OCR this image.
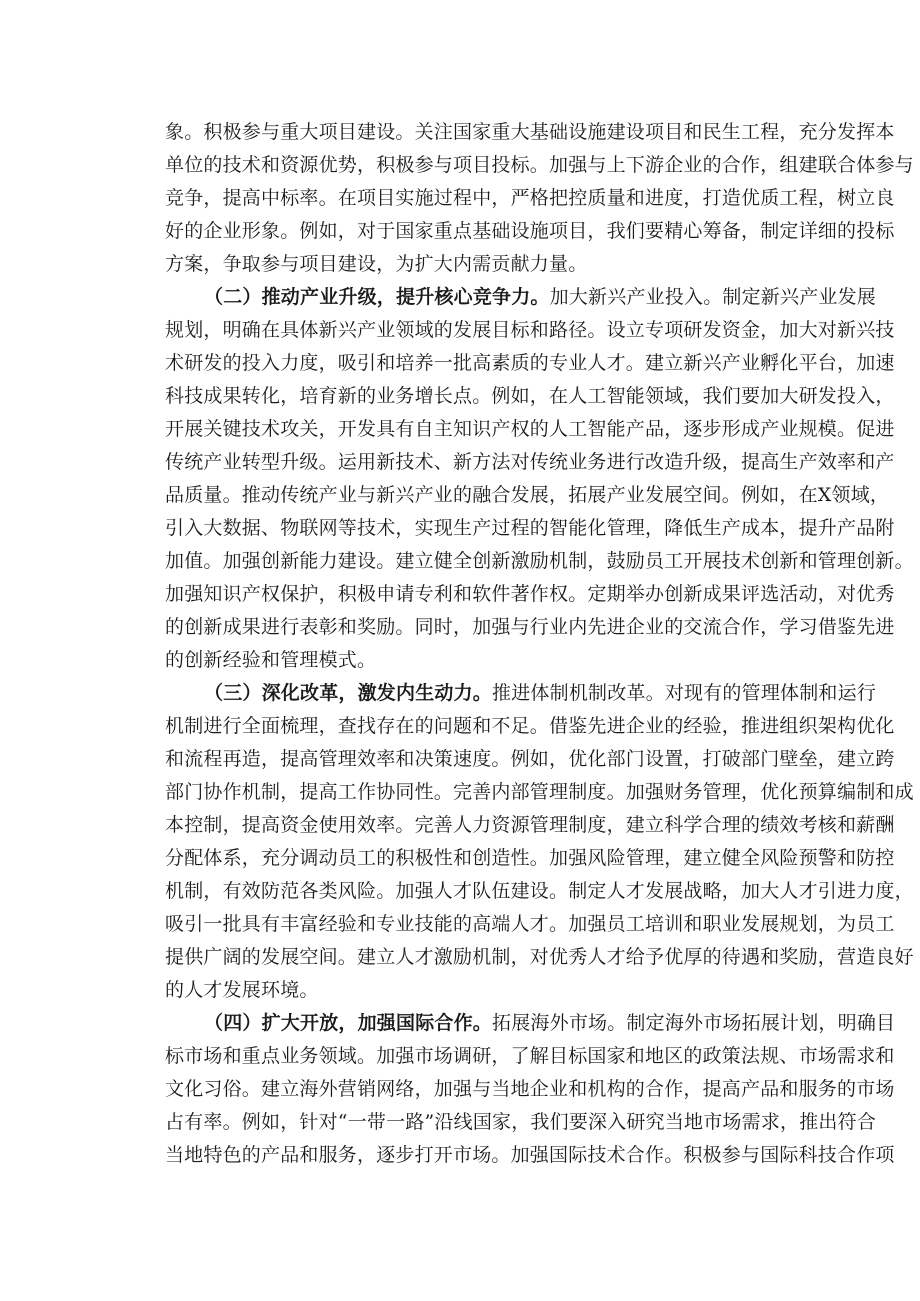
象。积极参与重大项目建设。关注国家重大基础设施建设项目和民生工程，充分发挥本
单位的技术和资源优势，积极参与项目投标。加强与上下游企业的合作，组建联合体参与
竞争，提高中标率。在项目实施过程中，严格把控质量和进度，打造优质工程，树立良
好的企业形象。例如，对于国家重点基础设施项目，我们要精心筹备，制定详细的投标
方案，争取参与项目建设，为扩大内需贡献力量。
（二）推动产业升级，提升核心竞争力。加大新兴产业投入。制定新兴产业发展
规划，明确在具体新兴产业领域的发展目标和路径。设立专项研发资金，加大对新兴技
术研发的投入力度，吸引和培养一批高素质的专业人才。建立新兴产业孵化平台，加速
科技成果转化，培育新的业务增长点。例如，在人工智能领域，我们要加大研发投入，
开展关键技术攻关，开发具有自主知识产权的人工智能产品，逐步形成产业规模。促进
传统产业转型升级。运用新技术、新方法对传统业务进行改造升级，提高生产效率和产
品质量。推动传统产业与新兴产业的融合发展，拓展产业发展空间。例如，在X领域，
引入大数据、物联网等技术，实现生产过程的智能化管理，降低生产成本，提升产品附
加值。加强创新能力建设。建立健全创新激励机制，鼓励员工开展技术创新和管理创新。
加强知识产权保护，积极申请专利和软件著作权。定期举办创新成果评选活动，对优秀
的创新成果进行表彰和奖励。同时，加强与行业内先进企业的交流合作，学习借鉴先进
的创新经验和管理模式。
（三）深化改革，激发内生动力。推进体制机制改革。对现有的管理体制和运行
机制进行全面梳理，查找存在的问题和不足。借鉴先进企业的经验，推进组织架构优化
和流程再造，提高管理效率和决策速度。例如，优化部门设置，打破部门壁垒，建立跨
部门协作机制，提高工作协同性。完善内部管理制度。加强财务管理，优化预算编制和成
本控制，提高资金使用效率。完善人力资源管理制度，建立科学合理的绩效考核和薪酬
分配体系，充分调动员工的积极性和创造性。加强风险管理，建立健全风险预警和防控
机制，有效防范各类风险。加强人才队伍建设。制定人才发展战略，加大人才引进力度，
吸引一批具有丰富经验和专业技能的高端人才。加强员工培训和职业发展规划，为员工
提供广阔的发展空间。建立人才激励机制，对优秀人才给予优厚的待遇和奖励，营造良好
的人才发展环境。
（四）扩大开放，加强国际合作。拓展海外市场。制定海外市场拓展计划，明确目
标市场和重点业务领域。加强市场调研，了解目标国家和地区的政策法规、市场需求和
文化习俗。建立海外营销网络，加强与当地企业和机构的合作，提高产品和服务的市场
占有率。例如，针对“一带一路”沿线国家，我们要深入研究当地市场需求，推出符合
当地特色的产品和服务，逐步打开市场。加强国际技术合作。积极参与国际科技合作项
